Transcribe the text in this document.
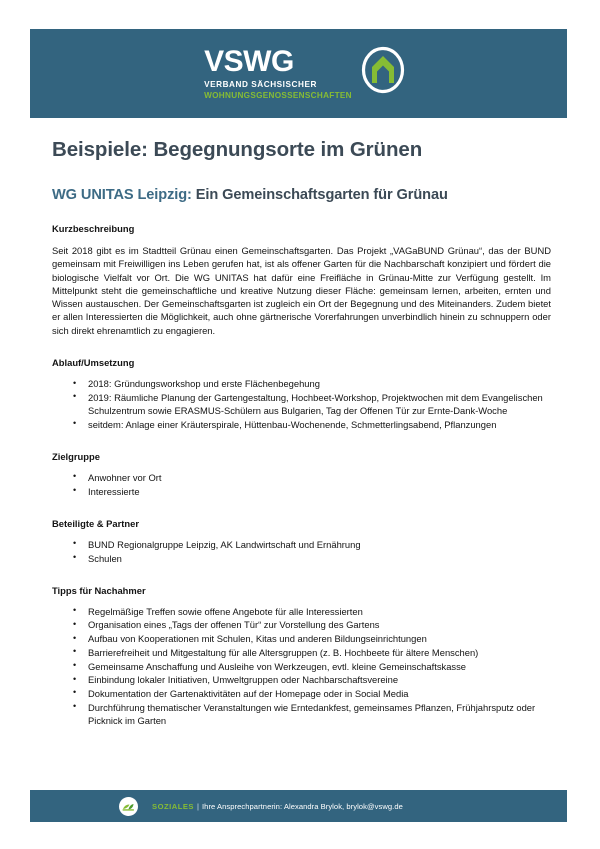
VSWG
VERBAND SÄCHSISCHER
WOHNUNGSGENOSSENSCHAFTEN
Beispiele: Begegnungsorte im Grünen
WG UNITAS Leipzig: Ein Gemeinschaftsgarten für Grünau
Kurzbeschreibung

Seit 2018 gibt es im Stadtteil Grünau einen Gemeinschaftsgarten. Das Projekt „VAGaBUND Grünau“, das der BUND gemeinsam mit Freiwilligen ins Leben gerufen hat, ist als offener Garten für die Nachbarschaft konzipiert und fördert die biologische Vielfalt vor Ort. Die WG UNITAS hat dafür eine Freifläche in Grünau-Mitte zur Verfügung gestellt. Im Mittelpunkt steht die gemeinschaftliche und kreative Nutzung dieser Fläche: gemeinsam lernen, arbeiten, ernten und Wissen austauschen. Der Gemeinschaftsgarten ist zugleich ein Ort der Begegnung und des Miteinanders. Zudem bietet er allen Interessierten die Möglichkeit, auch ohne gärtnerische Vorerfahrungen unverbindlich hinein zu schnuppern oder sich direkt ehrenamtlich zu engagieren.

Ablauf/Umsetzung
• 2018: Gründungsworkshop und erste Flächenbegehung
• 2019: Räumliche Planung der Gartengestaltung, Hochbeet-Workshop, Projektwochen mit dem Evangelischen Schulzentrum sowie ERASMUS-Schülern aus Bulgarien, Tag der Offenen Tür zur Ernte-Dank-Woche
• seitdem: Anlage einer Kräuterspirale, Hüttenbau-Wochenende, Schmetterlingsabend, Pflanzungen
Zielgruppe
• Anwohner vor Ort
• Interessierte
Beteiligte & Partner
• BUND Regionalgruppe Leipzig, AK Landwirtschaft und Ernährung
• Schulen
Tipps für Nachahmer
• Regelmäßige Treffen sowie offene Angebote für alle Interessierten
• Organisation eines „Tags der offenen Tür“ zur Vorstellung des Gartens
• Aufbau von Kooperationen mit Schulen, Kitas und anderen Bildungseinrichtungen
• Barrierefreiheit und Mitgestaltung für alle Altersgruppen (z. B. Hochbeete für ältere Menschen)
• Gemeinsame Anschaffung und Ausleihe von Werkzeugen, evtl. kleine Gemeinschaftskasse
• Einbindung lokaler Initiativen, Umweltgruppen oder Nachbarschaftsvereine
• Dokumentation der Gartenaktivitäten auf der Homepage oder in Social Media
• Durchführung thematischer Veranstaltungen wie Erntedankfest, gemeinsames Pflanzen, Frühjahrsputz oder Picknick im Garten
SOZIALES | Ihre Ansprechpartnerin: Alexandra Brylok, brylok@vswg.de
